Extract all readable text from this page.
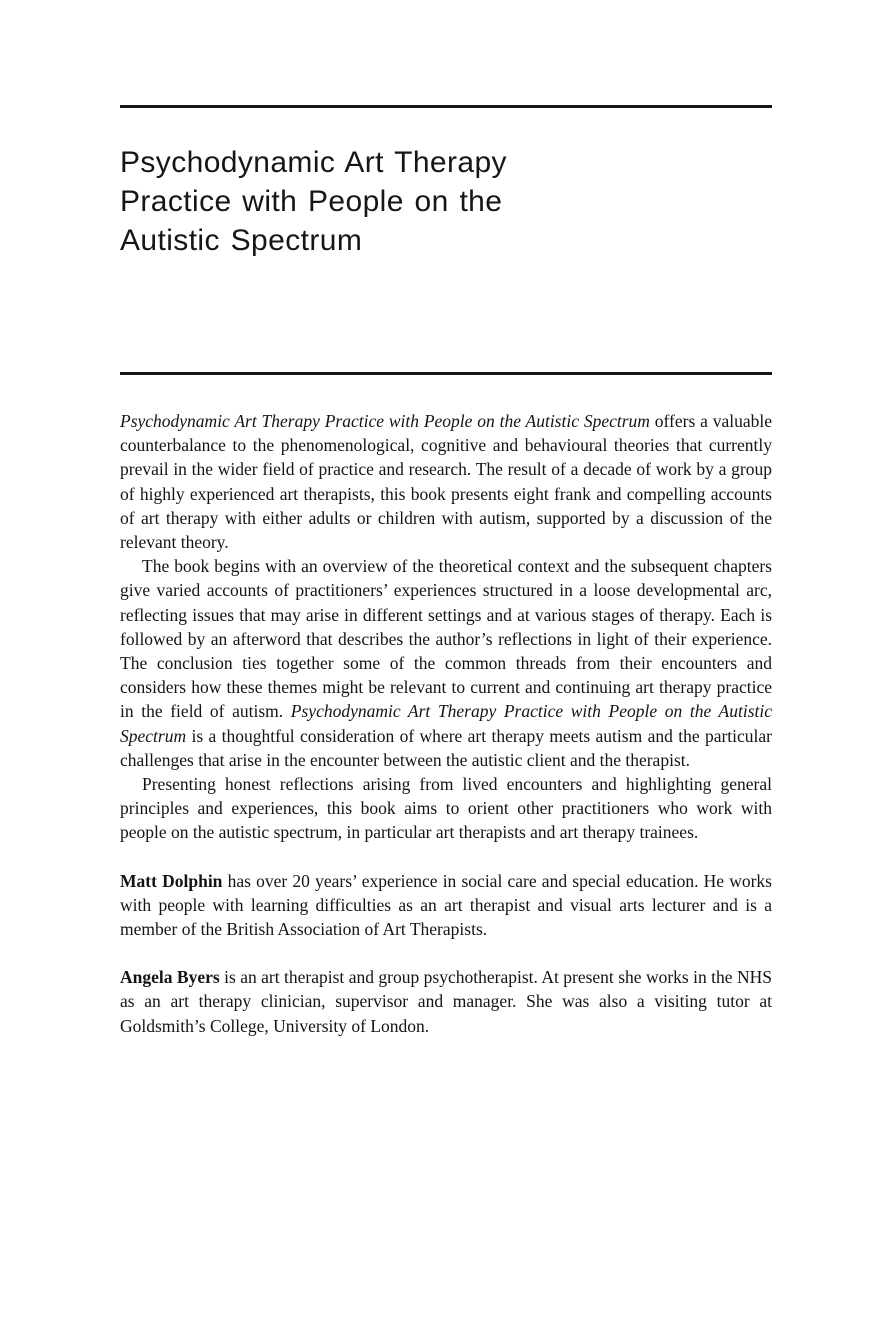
Psychodynamic Art Therapy
Practice with People on the
Autistic Spectrum

Psychodynamic Art Therapy Practice with People on the Autistic Spectrum offers a valuable counterbalance to the phenomenological, cognitive and behavioural theories that currently prevail in the wider field of practice and research. The result of a decade of work by a group of highly experienced art therapists, this book presents eight frank and compelling accounts of art therapy with either adults or children with autism, supported by a discussion of the relevant theory.

The book begins with an overview of the theoretical context and the subsequent chapters give varied accounts of practitioners’ experiences structured in a loose developmental arc, reflecting issues that may arise in different settings and at various stages of therapy. Each is followed by an afterword that describes the author’s reflections in light of their experience. The conclusion ties together some of the common threads from their encounters and considers how these themes might be relevant to current and continuing art therapy practice in the field of autism. Psychodynamic Art Therapy Practice with People on the Autistic Spectrum is a thoughtful consideration of where art therapy meets autism and the particular challenges that arise in the encounter between the autistic client and the therapist.

Presenting honest reflections arising from lived encounters and highlighting general principles and experiences, this book aims to orient other practitioners who work with people on the autistic spectrum, in particular art therapists and art therapy trainees.

Matt Dolphin has over 20 years’ experience in social care and special education. He works with people with learning difficulties as an art therapist and visual arts lecturer and is a member of the British Association of Art Therapists.

Angela Byers is an art therapist and group psychotherapist. At present she works in the NHS as an art therapy clinician, supervisor and manager. She was also a visiting tutor at Goldsmith’s College, University of London.
